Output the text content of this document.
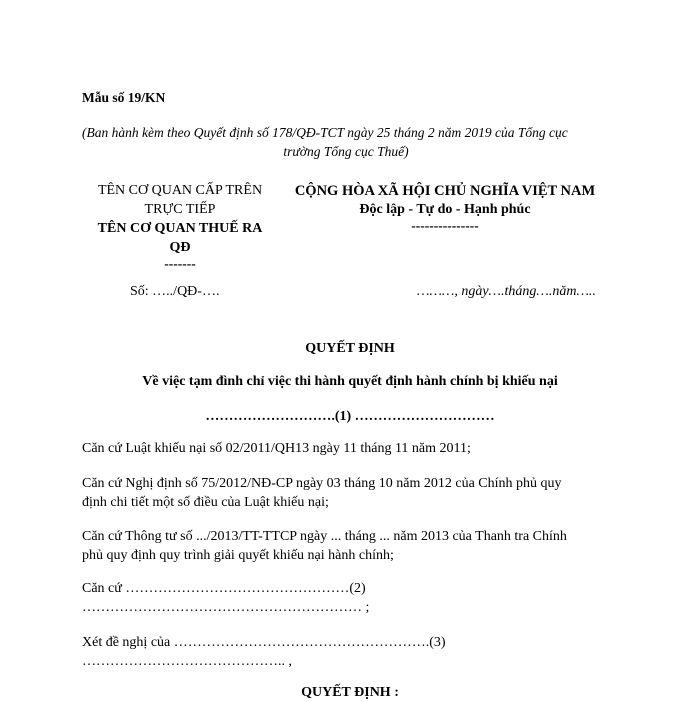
Mẫu số 19/KN
(Ban hành kèm theo Quyết định số 178/QĐ-TCT ngày 25 tháng 2 năm 2019 của Tổng cục
trường Tổng cục Thuế)
TÊN CƠ QUAN CẤP TRÊN
TRỰC TIẾP
TÊN CƠ QUAN THUẾ RA
QĐ
-------
CỘNG HÒA XÃ HỘI CHỦ NGHĨA VIỆT NAM
Độc lập - Tự do - Hạnh phúc
---------------
Số: …../QĐ-….	………, ngày….tháng….năm…..
QUYẾT ĐỊNH
Về việc tạm đình chỉ việc thi hành quyết định hành chính bị khiếu nại
……………………….(1) …………………………
Căn cứ Luật khiếu nại số 02/2011/QH13 ngày 11 tháng 11 năm 2011;
Căn cứ Nghị định số 75/2012/NĐ-CP ngày 03 tháng 10 năm 2012 của Chính phủ quy
định chi tiết một số điều của Luật khiếu nại;
Căn cứ Thông tư số .../2013/TT-TTCP ngày ... tháng ... năm 2013 của Thanh tra Chính
phủ quy định quy trình giải quyết khiếu nại hành chính;
Căn cứ …………………………………………(2)
…………………………………………………… ;
Xét đề nghị của ……………………………………………….(3)
…………………………………….. ,
QUYẾT ĐỊNH :
